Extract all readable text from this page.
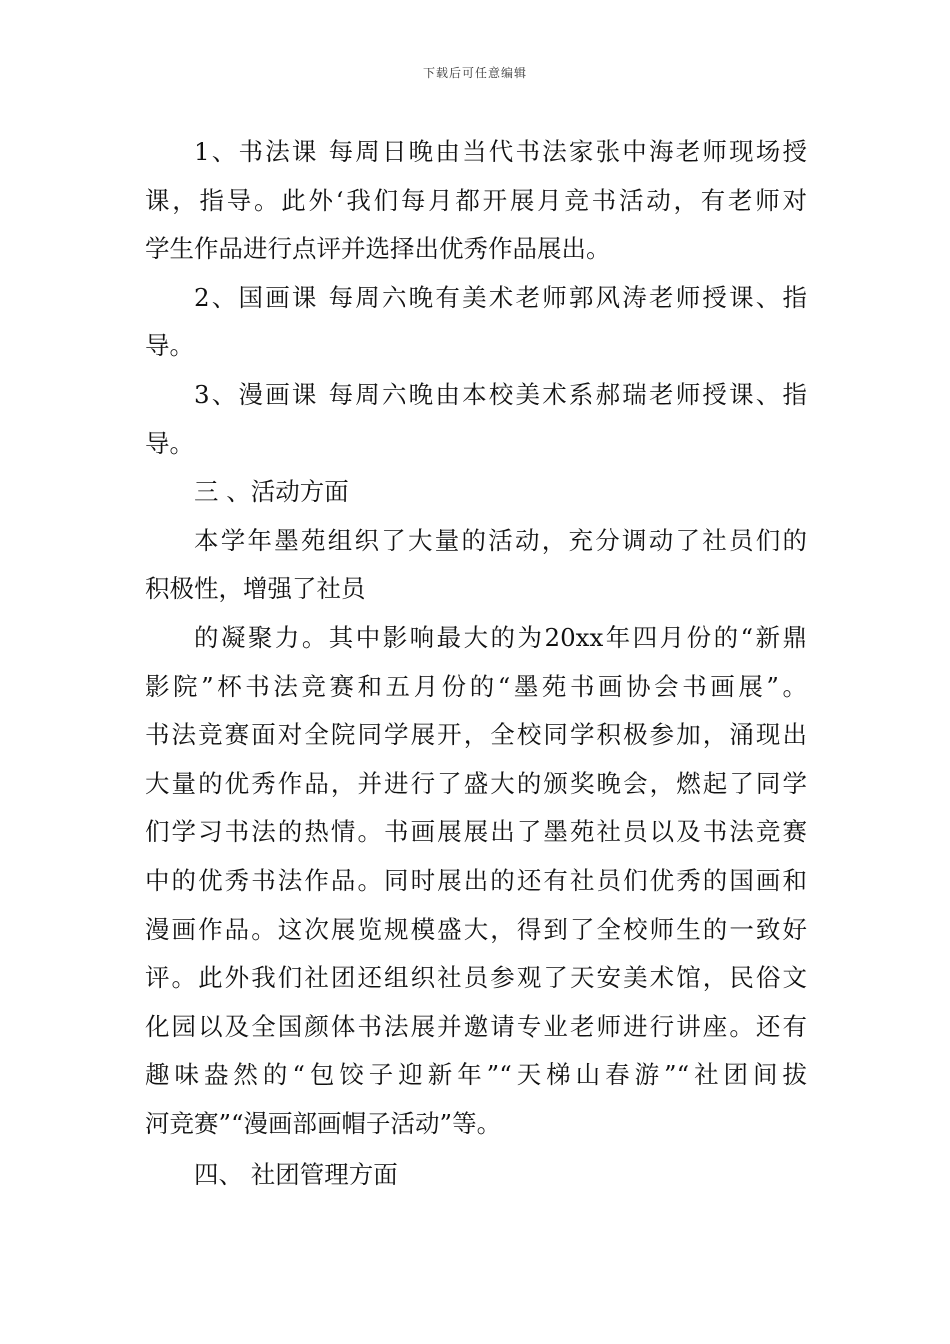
下载后可任意编辑
1、书法课 每周日晚由当代书法家张中海老师现场授
课，指导。此外‘我们每月都开展月竞书活动，有老师对
学生作品进行点评并选择出优秀作品展出。
2、国画课 每周六晚有美术老师郭风涛老师授课、指
导。
3、漫画课 每周六晚由本校美术系郝瑞老师授课、指
导。
三 、活动方面
本学年墨苑组织了大量的活动，充分调动了社员们的
积极性，增强了社员
的凝聚力。其中影响最大的为20xx年四月份的“新鼎
影院”杯书法竞赛和五月份的“墨苑书画协会书画展”。
书法竞赛面对全院同学展开，全校同学积极参加，涌现出
大量的优秀作品，并进行了盛大的颁奖晚会，燃起了同学
们学习书法的热情。书画展展出了墨苑社员以及书法竞赛
中的优秀书法作品。同时展出的还有社员们优秀的国画和
漫画作品。这次展览规模盛大，得到了全校师生的一致好
评。此外我们社团还组织社员参观了天安美术馆，民俗文
化园以及全国颜体书法展并邀请专业老师进行讲座。还有
趣味盎然的“包饺子迎新年”“天梯山春游”“社团间拔
河竞赛”“漫画部画帽子活动”等。
四、 社团管理方面
